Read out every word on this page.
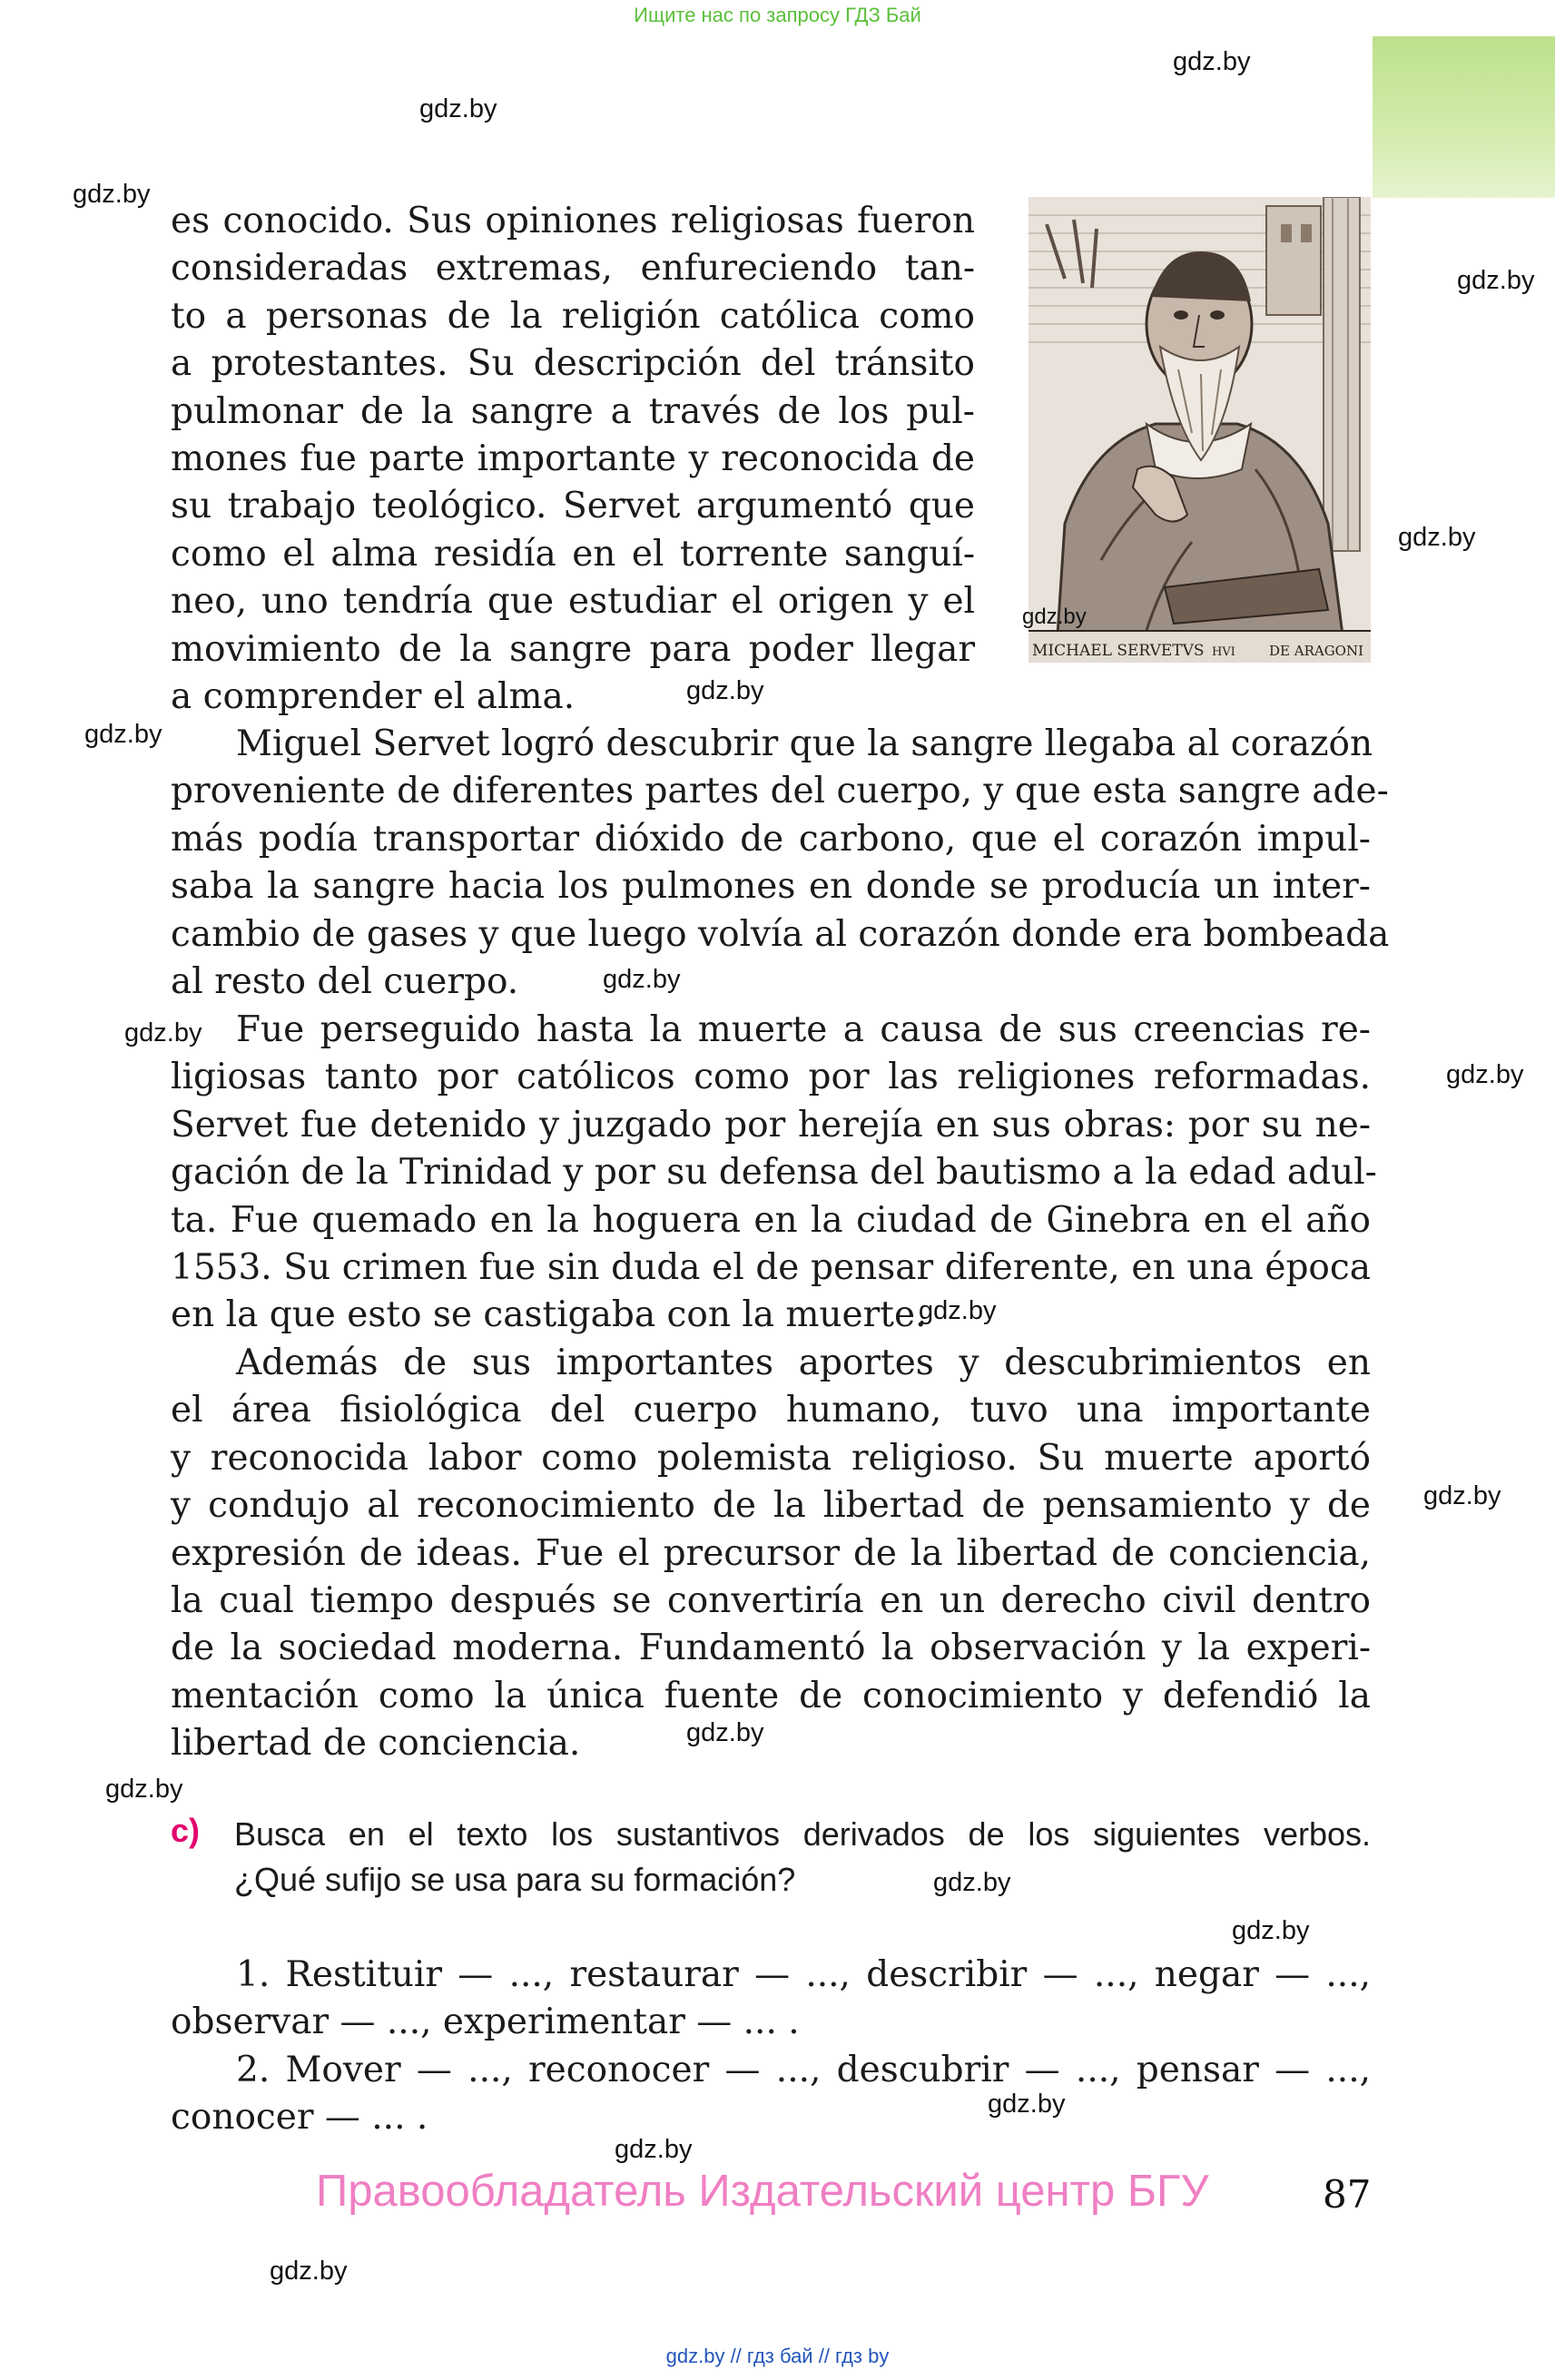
Ищите нас по запросу ГДЗ Бай
MICHAEL SERVETVS HVI DE ARAGONI
es conocido. Sus opiniones religiosas fueron
consideradas extremas, enfureciendo tan-
to a personas de la religión católica como
a protestantes. Su descripción del tránsito
pulmonar de la sangre a través de los pul-
mones fue parte importante y reconocida de
su trabajo teológico. Servet argumentó que
como el alma residía en el torrente sanguí-
neo, uno tendría que estudiar el origen y el
movimiento de la sangre para poder llegar
a comprender el alma.
Miguel Servet logró descubrir que la sangre llegaba al corazón
proveniente de diferentes partes del cuerpo, y que esta sangre ade-
más podía transportar dióxido de carbono, que el corazón impul-
saba la sangre hacia los pulmones en donde se producía un inter-
cambio de gases y que luego volvía al corazón donde era bombeada
al resto del cuerpo.
Fue perseguido hasta la muerte a causa de sus creencias re-
ligiosas tanto por católicos como por las religiones reformadas.
Servet fue detenido y juzgado por herejía en sus obras: por su ne-
gación de la Trinidad y por su defensa del bautismo a la edad adul-
ta. Fue quemado en la hoguera en la ciudad de Ginebra en el año
1553. Su crimen fue sin duda el de pensar diferente, en una época
en la que esto se castigaba con la muerte.
Además de sus importantes aportes y descubrimientos en
el área fisiológica del cuerpo humano, tuvo una importante
y reconocida labor como polemista religioso. Su muerte aportó
y condujo al reconocimiento de la libertad de pensamiento y de
expresión de ideas. Fue el precursor de la libertad de conciencia,
la cual tiempo después se convertiría en un derecho civil dentro
de la sociedad moderna. Fundamentó la observación y la experi-
mentación como la única fuente de conocimiento y defendió la
libertad de conciencia.
c) Busca en el texto los sustantivos derivados de los siguientes verbos.
¿Qué sufijo se usa para su formación?
1. Restituir — ..., restaurar — ..., describir — ..., negar — ...,
observar — ..., experimentar — ... .
2. Mover — ..., reconocer — ..., descubrir — ..., pensar — ...,
conocer — ... .
Правообладатель Издательский центр БГУ	87
gdz.by // гдз бай // гдз by
gdz.by
gdz.by
gdz.by
gdz.by
gdz.by
gdz.by
gdz.by
gdz.by
gdz.by
gdz.by
gdz.by
gdz.by
gdz.by
gdz.by
gdz.by
gdz.by
gdz.by
gdz.by
gdz.by
gdz.by
